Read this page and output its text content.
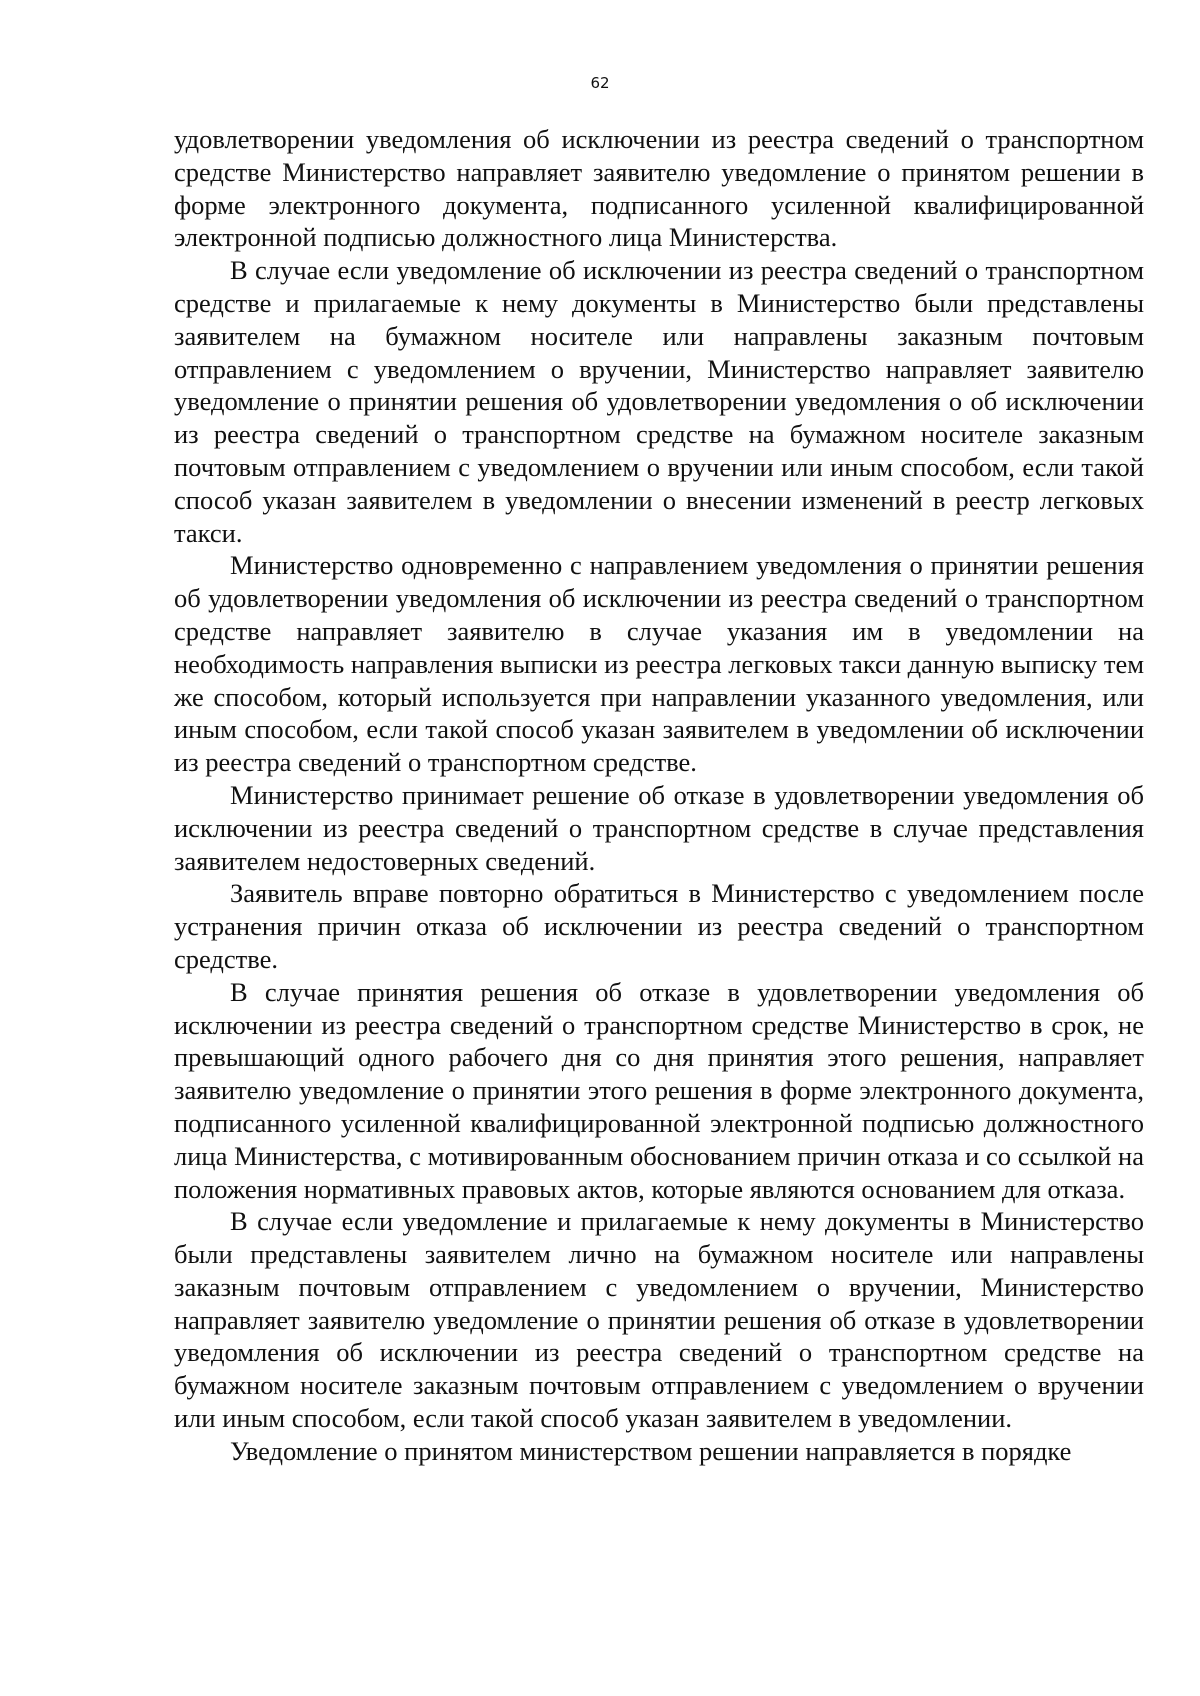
62

удовлетворении уведомления об исключении из реестра сведений о транспортном средстве Министерство направляет заявителю уведомление о принятом решении в форме электронного документа, подписанного усиленной квалифицированной электронной подписью должностного лица Министерства.

В случае если уведомление об исключении из реестра сведений о транспортном средстве и прилагаемые к нему документы в Министерство были представлены заявителем на бумажном носителе или направлены заказным почтовым отправлением с уведомлением о вручении, Министерство направляет заявителю уведомление о принятии решения об удовлетворении уведомления о об исключении из реестра сведений о транспортном средстве на бумажном носителе заказным почтовым отправлением с уведомлением о вручении или иным способом, если такой способ указан заявителем в уведомлении о внесении изменений в реестр легковых такси.

Министерство одновременно с направлением уведомления о принятии решения об удовлетворении уведомления об исключении из реестра сведений о транспортном средстве направляет заявителю в случае указания им в уведомлении на необходимость направления выписки из реестра легковых такси данную выписку тем же способом, который используется при направлении указанного уведомления, или иным способом, если такой способ указан заявителем в уведомлении об исключении из реестра сведений о транспортном средстве.

Министерство принимает решение об отказе в удовлетворении уведомления об исключении из реестра сведений о транспортном средстве в случае представления заявителем недостоверных сведений.

Заявитель вправе повторно обратиться в Министерство с уведомлением после устранения причин отказа об исключении из реестра сведений о транспортном средстве.

В случае принятия решения об отказе в удовлетворении уведомления об исключении из реестра сведений о транспортном средстве Министерство в срок, не превышающий одного рабочего дня со дня принятия этого решения, направляет заявителю уведомление о принятии этого решения в форме электронного документа, подписанного усиленной квалифицированной электронной подписью должностного лица Министерства, с мотивированным обоснованием причин отказа и со ссылкой на положения нормативных правовых актов, которые являются основанием для отказа.

В случае если уведомление и прилагаемые к нему документы в Министерство были представлены заявителем лично на бумажном носителе или направлены заказным почтовым отправлением с уведомлением о вручении, Министерство направляет заявителю уведомление о принятии решения об отказе в удовлетворении уведомления об исключении из реестра сведений о транспортном средстве на бумажном носителе заказным почтовым отправлением с уведомлением о вручении или иным способом, если такой способ указан заявителем в уведомлении.

Уведомление о принятом министерством решении направляется в порядке
